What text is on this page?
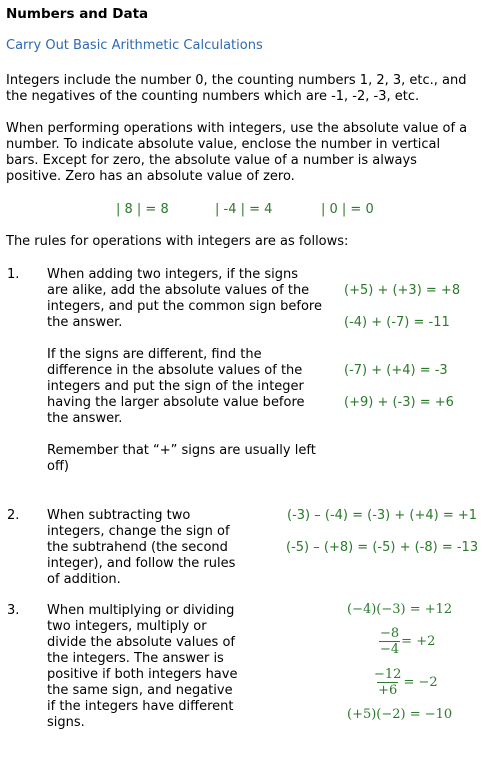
Numbers and Data
Carry Out Basic Arithmetic Calculations
Integers include the number 0, the counting numbers 1, 2, 3, etc., and
the negatives of the counting numbers which are -1, -2, -3, etc.
When performing operations with integers, use the absolute value of a
number. To indicate absolute value, enclose the number in vertical
bars. Except for zero, the absolute value of a number is always
positive. Zero has an absolute value of zero.
| 8 | = 8	| -4 | = 4	| 0 | = 0
The rules for operations with integers are as follows:
1. When adding two integers, if the signs
are alike, add the absolute values of the
integers, and put the common sign before
the answer.
(+5) + (+3) = +8
(-4) + (-7) = -11
If the signs are different, find the
difference in the absolute values of the
integers and put the sign of the integer
having the larger absolute value before
the answer.
(-7) + (+4) = -3
(+9) + (-3) = +6
Remember that “+” signs are usually left
off)
2. When subtracting two
integers, change the sign of
the subtrahend (the second
integer), and follow the rules
of addition.
(-3) – (-4) = (-3) + (+4) = +1
(-5) – (+8) = (-5) + (-8) = -13
3. When multiplying or dividing
two integers, multiply or
divide the absolute values of
the integers. The answer is
positive if both integers have
the same sign, and negative
if the integers have different
signs.
(−4)(−3) = +12
$\frac{-8}{-4} = +2$
$\frac{-12}{+6} = -2$
(+5)(−2) = −10
